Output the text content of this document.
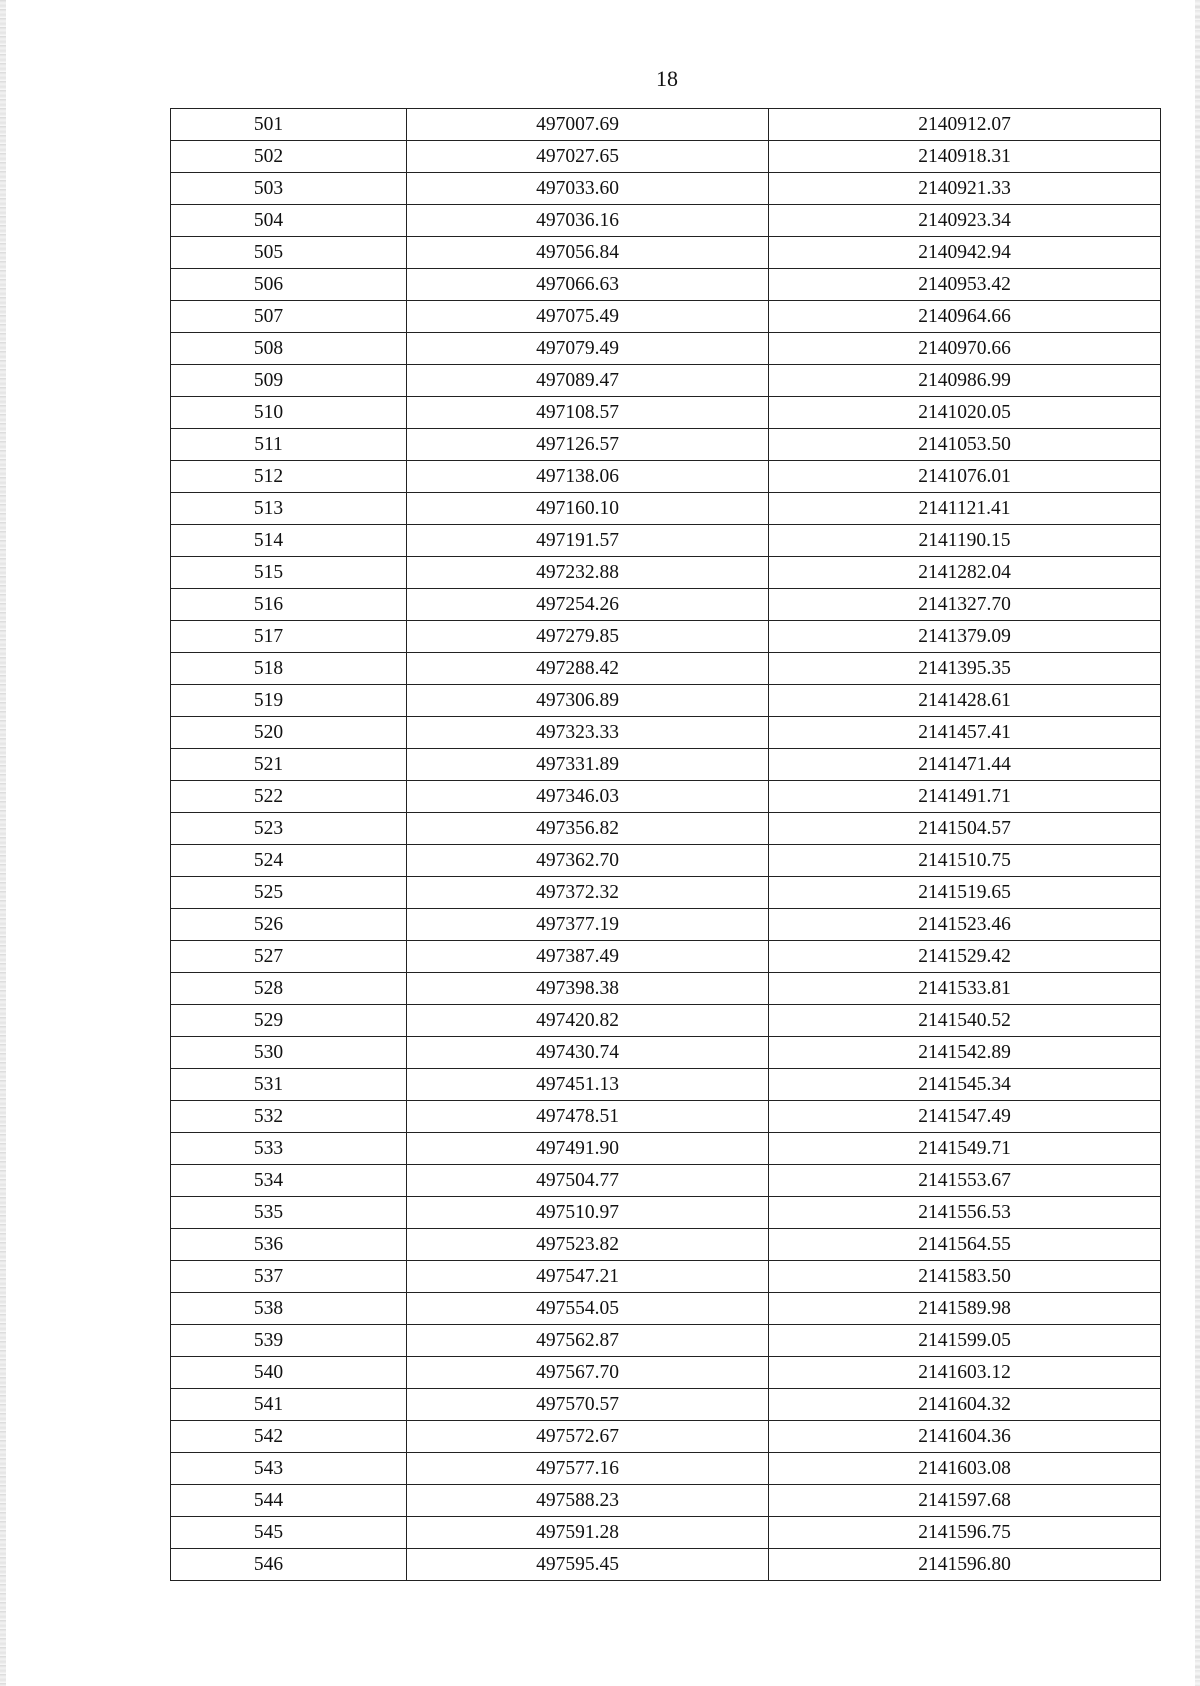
18
501	497007.69	2140912.07
502	497027.65	2140918.31
503	497033.60	2140921.33
504	497036.16	2140923.34
505	497056.84	2140942.94
506	497066.63	2140953.42
507	497075.49	2140964.66
508	497079.49	2140970.66
509	497089.47	2140986.99
510	497108.57	2141020.05
511	497126.57	2141053.50
512	497138.06	2141076.01
513	497160.10	2141121.41
514	497191.57	2141190.15
515	497232.88	2141282.04
516	497254.26	2141327.70
517	497279.85	2141379.09
518	497288.42	2141395.35
519	497306.89	2141428.61
520	497323.33	2141457.41
521	497331.89	2141471.44
522	497346.03	2141491.71
523	497356.82	2141504.57
524	497362.70	2141510.75
525	497372.32	2141519.65
526	497377.19	2141523.46
527	497387.49	2141529.42
528	497398.38	2141533.81
529	497420.82	2141540.52
530	497430.74	2141542.89
531	497451.13	2141545.34
532	497478.51	2141547.49
533	497491.90	2141549.71
534	497504.77	2141553.67
535	497510.97	2141556.53
536	497523.82	2141564.55
537	497547.21	2141583.50
538	497554.05	2141589.98
539	497562.87	2141599.05
540	497567.70	2141603.12
541	497570.57	2141604.32
542	497572.67	2141604.36
543	497577.16	2141603.08
544	497588.23	2141597.68
545	497591.28	2141596.75
546	497595.45	2141596.80
